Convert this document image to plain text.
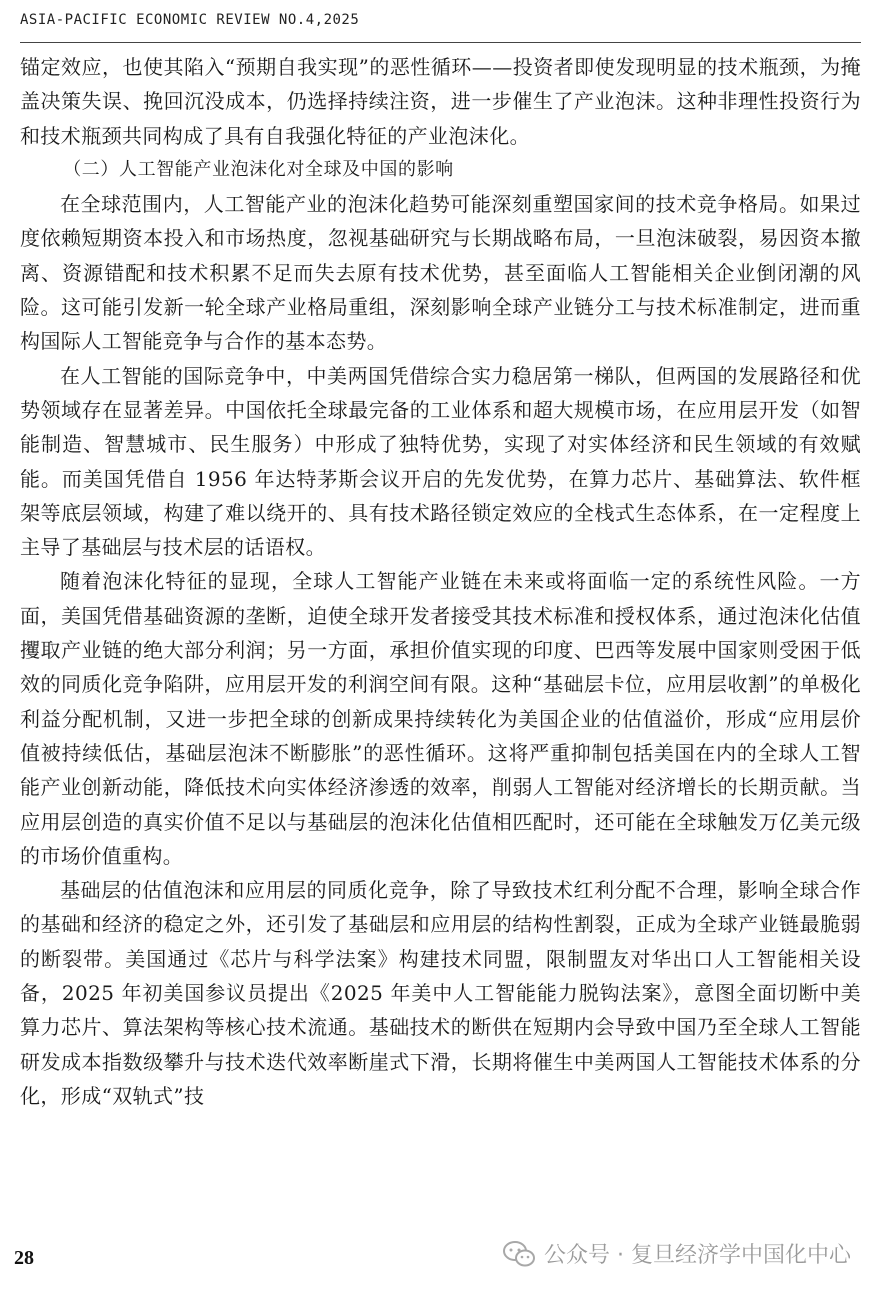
ASIA-PACIFIC ECONOMIC REVIEW NO.4,2025

锚定效应，也使其陷入“预期自我实现”的恶性循环——投资者即使发现明显的技术瓶颈，为掩盖决策失误、挽回沉没成本，仍选择持续注资，进一步催生了产业泡沫。这种非理性投资行为和技术瓶颈共同构成了具有自我强化特征的产业泡沫化。

（二）人工智能产业泡沫化对全球及中国的影响

在全球范围内，人工智能产业的泡沫化趋势可能深刻重塑国家间的技术竞争格局。如果过度依赖短期资本投入和市场热度，忽视基础研究与长期战略布局，一旦泡沫破裂，易因资本撤离、资源错配和技术积累不足而失去原有技术优势，甚至面临人工智能相关企业倒闭潮的风险。这可能引发新一轮全球产业格局重组，深刻影响全球产业链分工与技术标准制定，进而重构国际人工智能竞争与合作的基本态势。

在人工智能的国际竞争中，中美两国凭借综合实力稳居第一梯队，但两国的发展路径和优势领域存在显著差异。中国依托全球最完备的工业体系和超大规模市场，在应用层开发（如智能制造、智慧城市、民生服务）中形成了独特优势，实现了对实体经济和民生领域的有效赋能。而美国凭借自 1956 年达特茅斯会议开启的先发优势，在算力芯片、基础算法、软件框架等底层领域，构建了难以绕开的、具有技术路径锁定效应的全栈式生态体系，在一定程度上主导了基础层与技术层的话语权。

随着泡沫化特征的显现，全球人工智能产业链在未来或将面临一定的系统性风险。一方面，美国凭借基础资源的垄断，迫使全球开发者接受其技术标准和授权体系，通过泡沫化估值攫取产业链的绝大部分利润；另一方面，承担价值实现的印度、巴西等发展中国家则受困于低效的同质化竞争陷阱，应用层开发的利润空间有限。这种“基础层卡位，应用层收割”的单极化利益分配机制，又进一步把全球的创新成果持续转化为美国企业的估值溢价，形成“应用层价值被持续低估，基础层泡沫不断膨胀”的恶性循环。这将严重抑制包括美国在内的全球人工智能产业创新动能，降低技术向实体经济渗透的效率，削弱人工智能对经济增长的长期贡献。当应用层创造的真实价值不足以与基础层的泡沫化估值相匹配时，还可能在全球触发万亿美元级的市场价值重构。

基础层的估值泡沫和应用层的同质化竞争，除了导致技术红利分配不合理，影响全球合作的基础和经济的稳定之外，还引发了基础层和应用层的结构性割裂，正成为全球产业链最脆弱的断裂带。美国通过《芯片与科学法案》构建技术同盟，限制盟友对华出口人工智能相关设备，2025 年初美国参议员提出《2025 年美中人工智能能力脱钩法案》，意图全面切断中美算力芯片、算法架构等核心技术流通。基础技术的断供在短期内会导致中国乃至全球人工智能研发成本指数级攀升与技术迭代效率断崖式下滑，长期将催生中美两国人工智能技术体系的分化，形成“双轨式”技

28	公众号 · 复旦经济学中国化中心
